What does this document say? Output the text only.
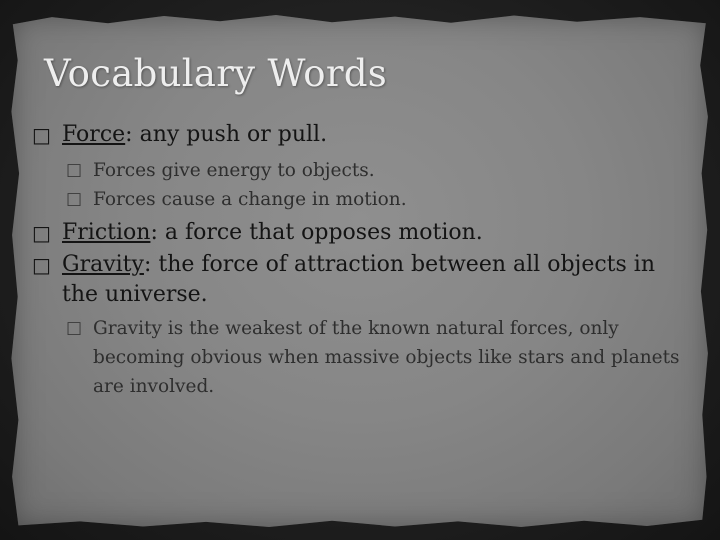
Vocabulary Words
□ Force: any push or pull.
□ Forces give energy to objects.
□ Forces cause a change in motion.
□ Friction: a force that opposes motion.
□ Gravity: the force of attraction between all objects in the universe.
□ Gravity is the weakest of the known natural forces, only becoming obvious when massive objects like stars and planets are involved.
